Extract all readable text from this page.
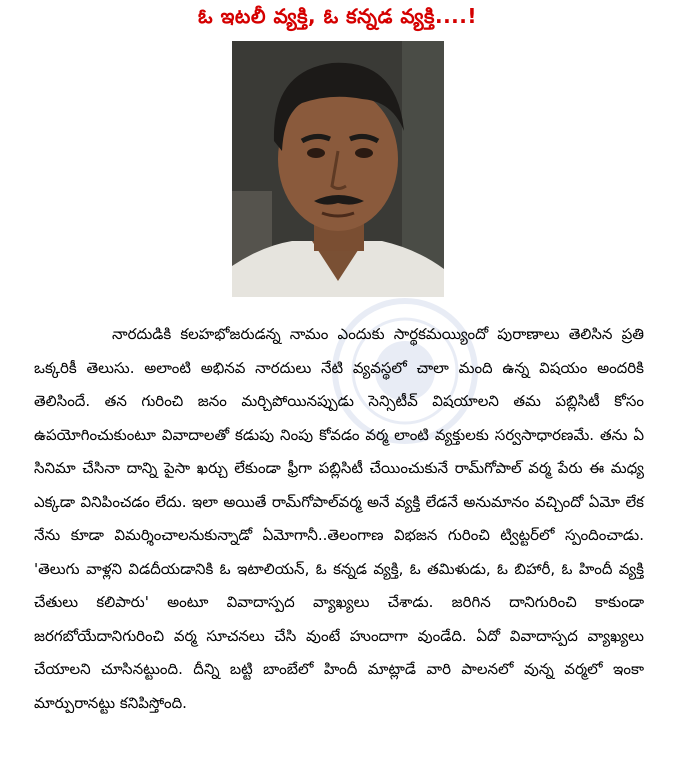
ఓ ఇటలీ వ్యక్తి, ఓ కన్నడ వ్యక్తి....!

నారదుడికి కలహభోజరుడన్న నామం ఎందుకు సార్థకమయ్యిందో పురాణాలు తెలిసిన ప్రతి ఒక్కరికీ తెలుసు. అలాంటి అభినవ నారదులు నేటి వ్యవస్థలో చాలా మంది ఉన్న విషయం అందరికి తెలిసిందే. తన గురించి జనం మర్చిపోయినప్పుడు సెన్సిటీవ్ విషయాలని తమ పబ్లిసిటీ కోసం ఉపయోగించుకుంటూ వివాదాలతో కడుపు నింపు కోవడం వర్మ లాంటి వ్యక్తులకు సర్వసాధారణమే. తను ఏ సినిమా చేసినా దాన్ని పైసా ఖర్చు లేకుండా ఫ్రీగా పబ్లిసిటీ చేయించుకునే రామ్‌గోపాల్ వర్మ పేరు ఈ మధ్య ఎక్కడా వినిపించడం లేదు. ఇలా అయితే రామ్‌గోపాల్‌వర్మ అనే వ్యక్తి లేడనే అనుమానం వచ్చిందో ఏమో లేక నేను కూడా విమర్శించాలనుకున్నాడో ఏమోగానీ..తెలంగాణ విభజన గురించి ట్విట్టర్‌లో స్పందించాడు. 'తెలుగు వాళ్లని విడదీయడానికి ఓ ఇటాలియన్, ఓ కన్నడ వ్యక్తి, ఓ తమిళుడు, ఓ బిహారీ, ఓ హిందీ వ్యక్తి చేతులు కలిపారు' అంటూ వివాదాస్పద వ్యాఖ్యలు చేశాడు. జరిగిన దానిగురించి కాకుండా జరగబోయేదానిగురించి వర్మ సూచనలు చేసి వుంటే హుందాగా వుండేది. ఏదో వివాదాస్పద వ్యాఖ్యలు చేయాలని చూసినట్టుంది. దీన్ని బట్టి బాంబేలో హిందీ మాట్లాడే వారి పాలనలో వున్న వర్మలో ఇంకా మార్పురానట్టు కనిపిస్తోంది.
